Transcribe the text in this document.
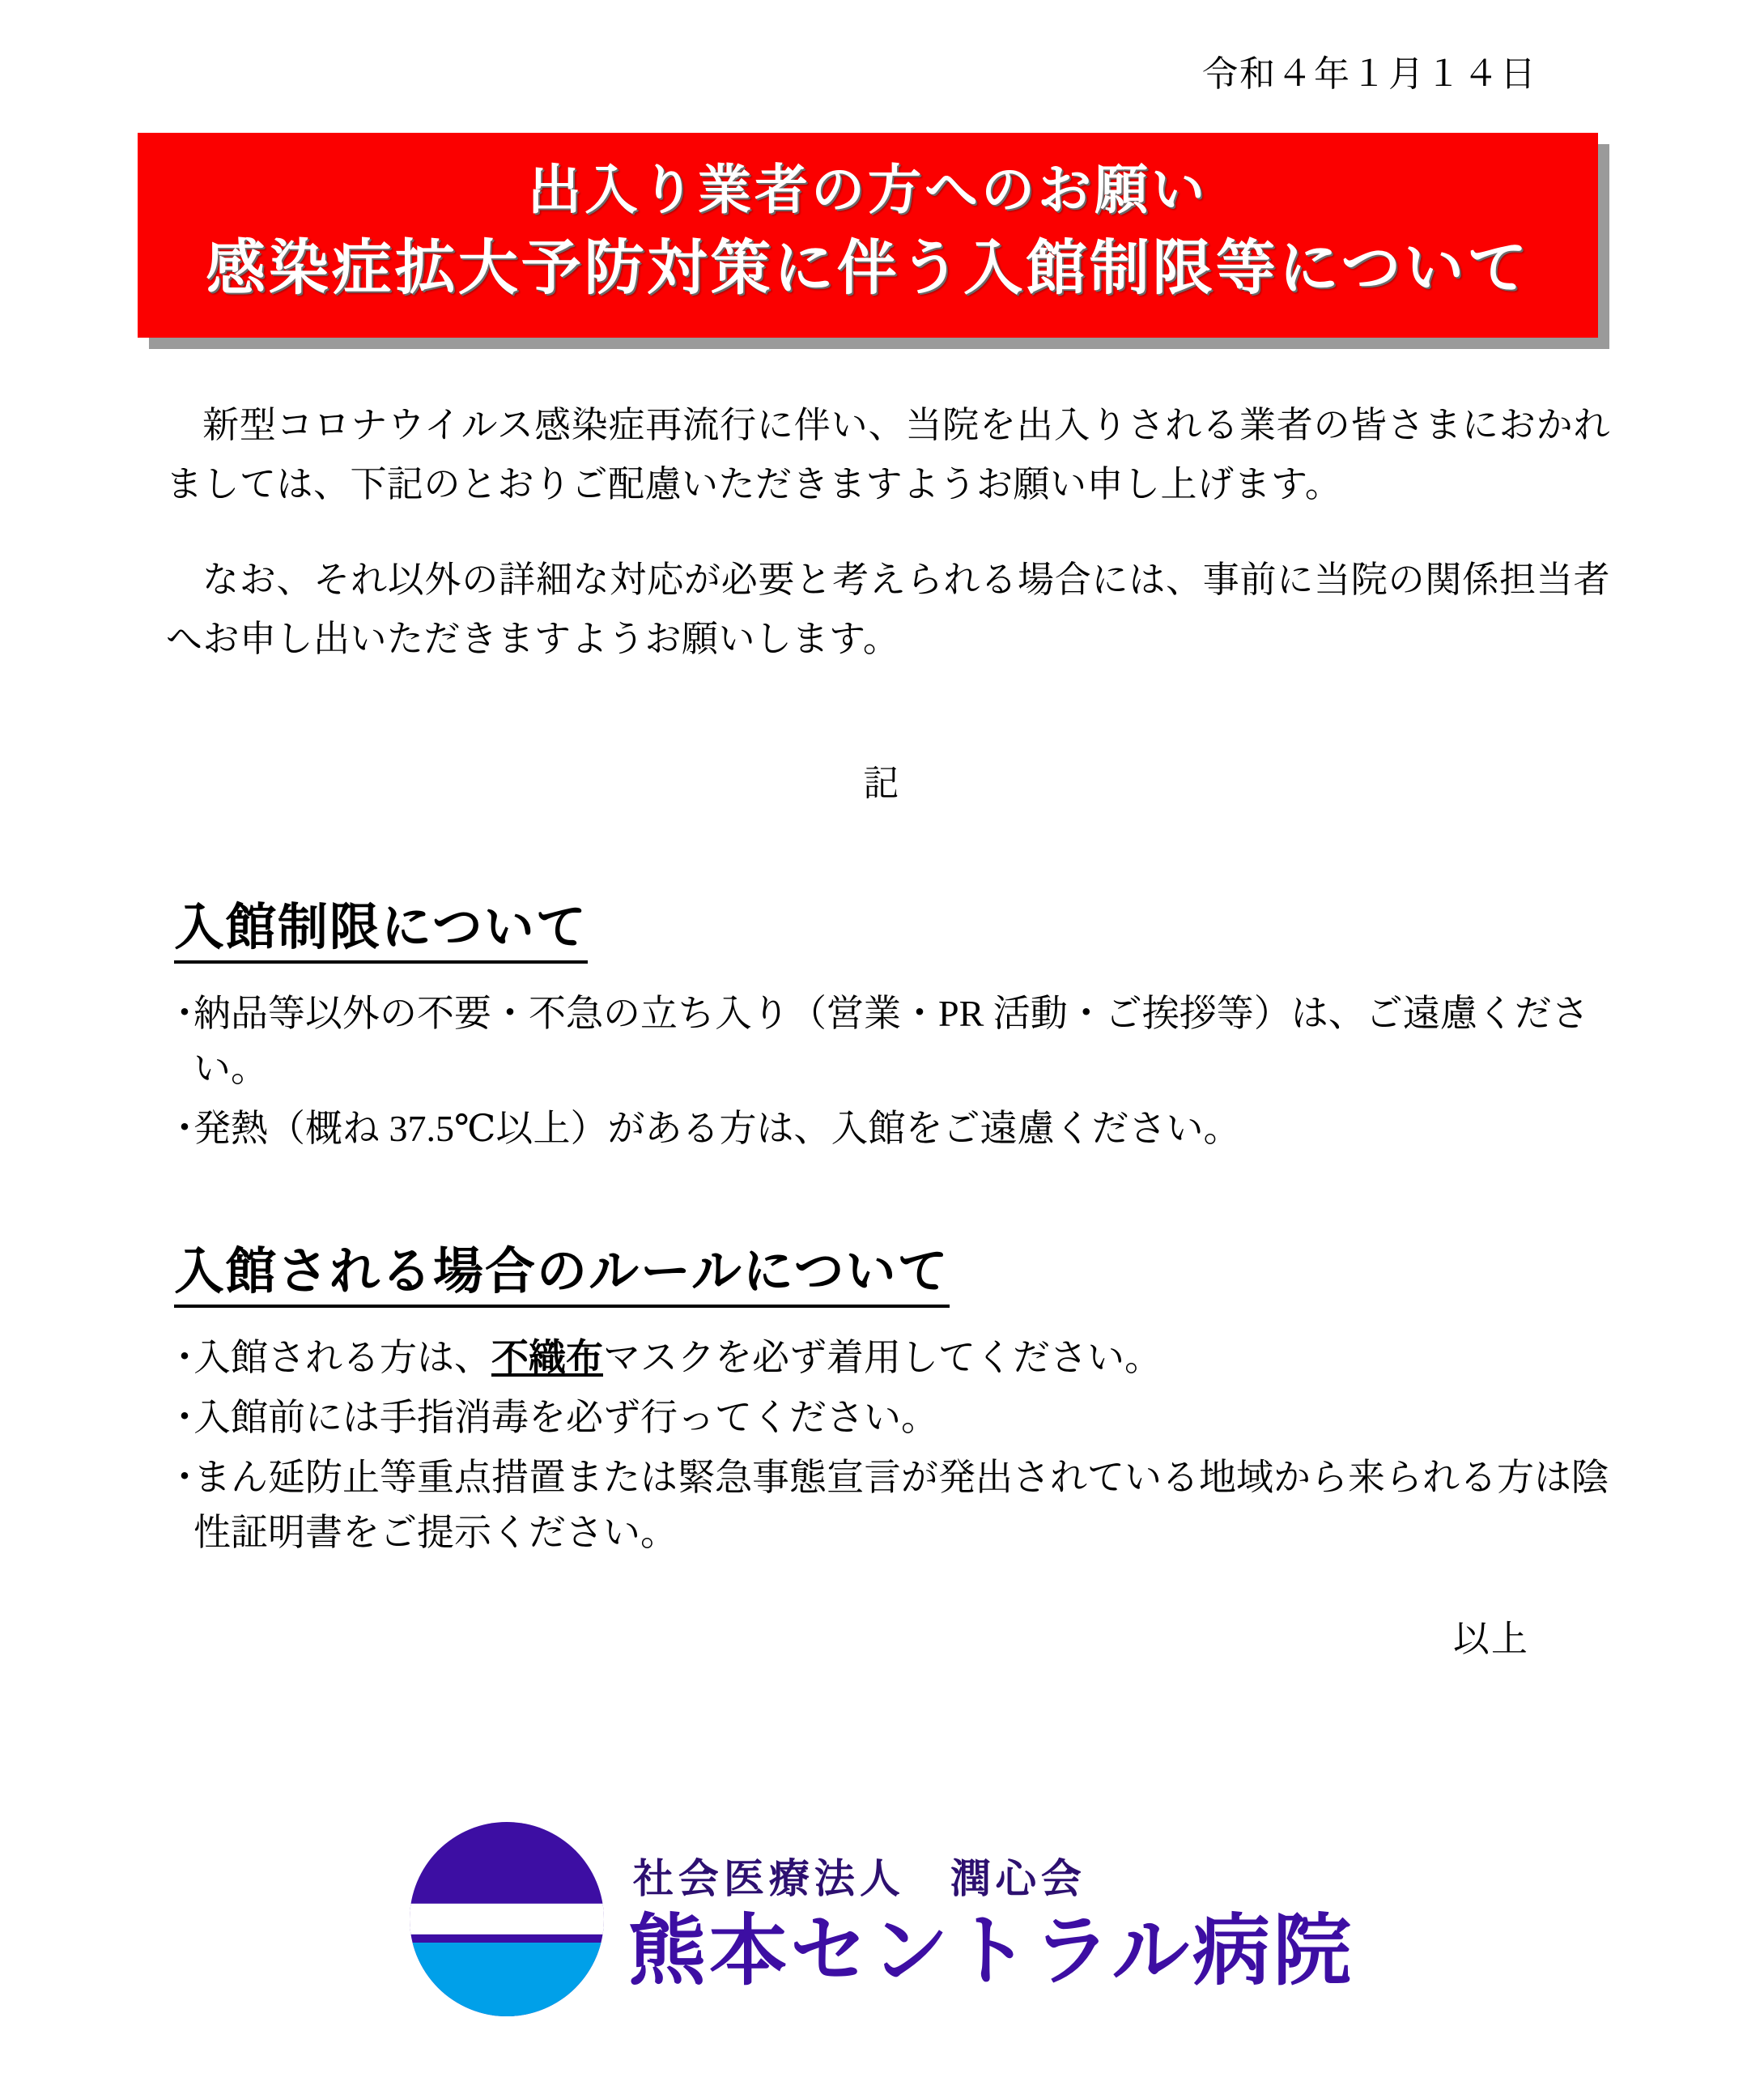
令和４年１月１４日
出入り業者の方へのお願い
感染症拡大予防対策に伴う入館制限等について

新型コロナウイルス感染症再流行に伴い、当院を出入りされる業者の皆さまにおかれましては、下記のとおりご配慮いただきますようお願い申し上げます。

なお、それ以外の詳細な対応が必要と考えられる場合には、事前に当院の関係担当者へお申し出いただきますようお願いします。

記
入館制限について
・
納品等以外の不要・不急の立ち入り（営業・PR 活動・ご挨拶等）は、ご遠慮ください。
・
発熱（概ね 37.5℃以上）がある方は、入館をご遠慮ください。
入館される場合のルールについて
・
入館される方は、不織布マスクを必ず着用してください。
・
入館前には手指消毒を必ず行ってください。
・
まん延防止等重点措置または緊急事態宣言が発出されている地域から来られる方は陰性証明書をご提示ください。
以上
社会医療法人　潤心会
熊本セントラル病院
